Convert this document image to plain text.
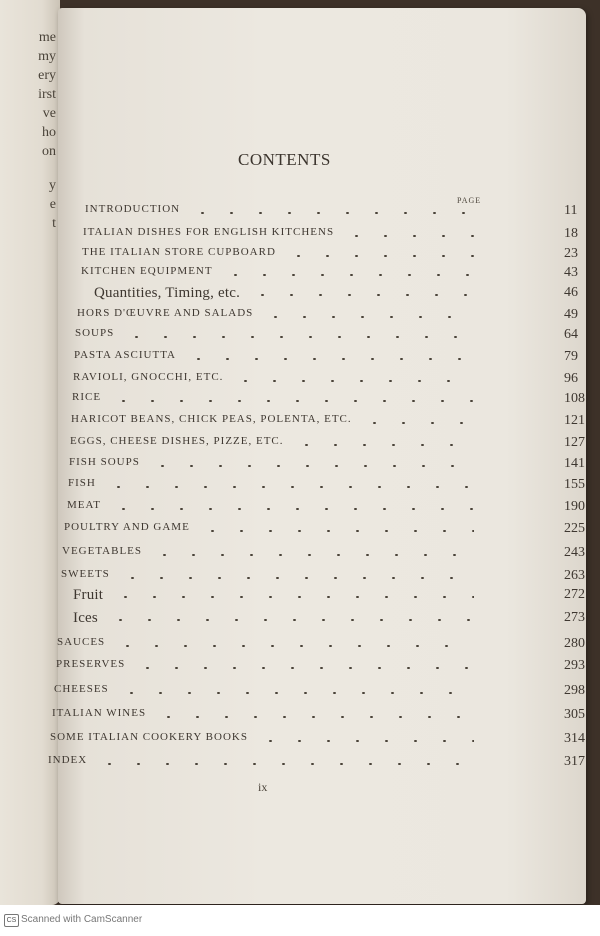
me
my
ery
irst
ve
ho
on
y
e
t
CONTENTS
PAGE
INTRODUCTION	11
ITALIAN DISHES FOR ENGLISH KITCHENS	18
THE ITALIAN STORE CUPBOARD	23
KITCHEN EQUIPMENT	43
Quantities, Timing, etc.	46
HORS D'ŒUVRE AND SALADS	49
SOUPS	64
PASTA ASCIUTTA	79
RAVIOLI, GNOCCHI, ETC.	96
RICE	108
HARICOT BEANS, CHICK PEAS, POLENTA, ETC.	121
EGGS, CHEESE DISHES, PIZZE, ETC.	127
FISH SOUPS	141
FISH	155
MEAT	190
POULTRY AND GAME	225
VEGETABLES	243
SWEETS	263
Fruit	272
Ices	273
SAUCES	280
PRESERVES	293
CHEESES	298
ITALIAN WINES	305
SOME ITALIAN COOKERY BOOKS	314
INDEX	317
ix
CS Scanned with CamScanner
